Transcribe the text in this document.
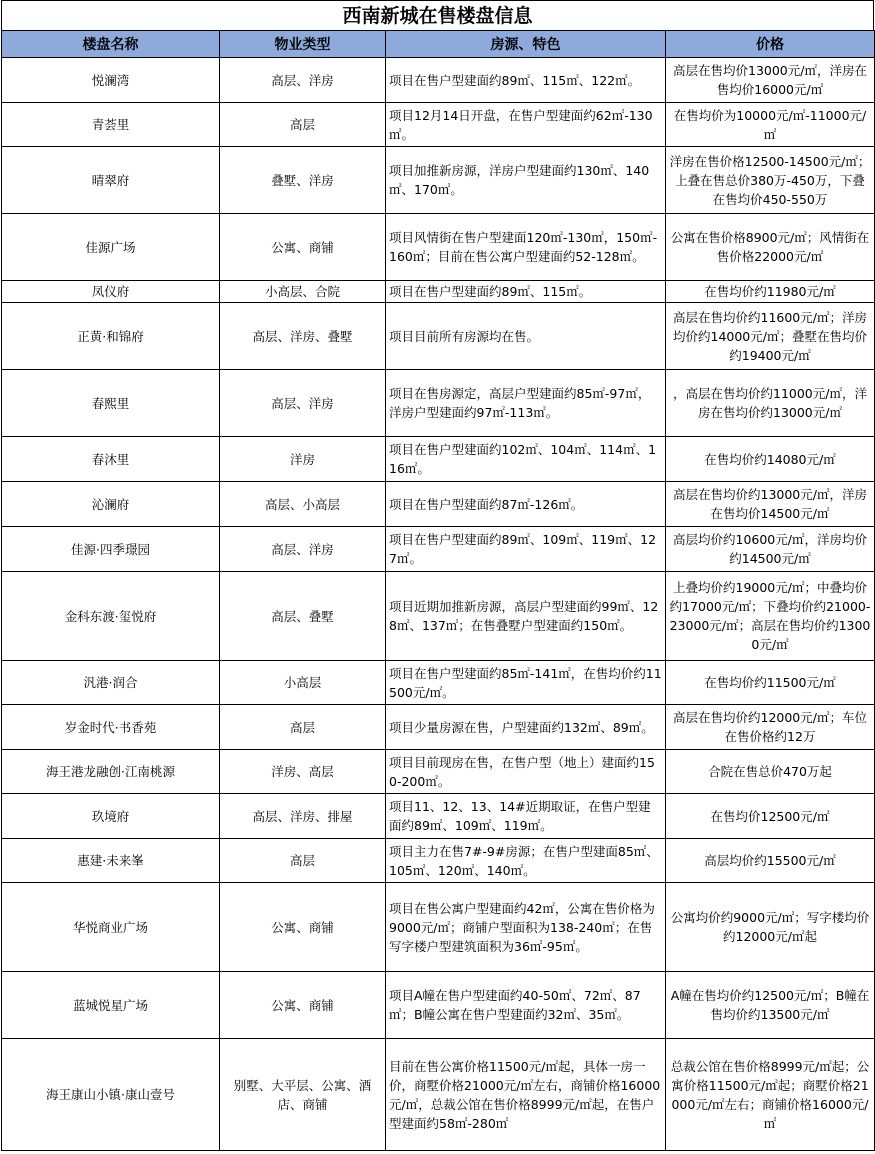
西南新城在售楼盘信息
楼盘名称	物业类型	房源、特色	价格
悦澜湾	高层、洋房	项目在售户型建面约89㎡、115㎡、122㎡。	高层在售均价13000元/㎡，洋房在售均价16000元/㎡
青荟里	高层	项目12月14日开盘，在售户型建面约62㎡-130㎡。	在售均价为10000元/㎡-11000元/㎡
晴翠府	叠墅、洋房	项目加推新房源，洋房户型建面约130㎡、140㎡、170㎡。	洋房在售价格12500-14500元/㎡；上叠在售总价380万-450万，下叠在售均价450-550万
佳源广场	公寓、商铺	项目风情街在售户型建面120㎡-130㎡，150㎡-160㎡；目前在售公寓户型建面约52-128㎡。	公寓在售价格8900元/㎡；风情街在售价格22000元/㎡
凤仪府	小高层、合院	项目在售户型建面约89㎡、115㎡。	在售均价约11980元/㎡
正黄·和锦府	高层、洋房、叠墅	项目目前所有房源均在售。	高层在售均价约11600元/㎡；洋房均价约14000元/㎡；叠墅在售均价约19400元/㎡
春熙里	高层、洋房	项目在售房源定，高层户型建面约85㎡-97㎡，洋房户型建面约97㎡-113㎡。	，高层在售均价约11000元/㎡，洋房在售均价约13000元/㎡
春沐里	洋房	项目在售户型建面约102㎡、104㎡、114㎡、116㎡。	在售均价约14080元/㎡
沁澜府	高层、小高层	项目在售户型建面约87㎡-126㎡。	高层在售均价约13000元/㎡，洋房在售均价14500元/㎡
佳源·四季璟园	高层、洋房	项目在售户型建面约89㎡、109㎡、119㎡、127㎡。	高层均价约10600元/㎡，洋房均价约14500元/㎡
金科东渡·玺悦府	高层、叠墅	项目近期加推新房源，高层户型建面约99㎡、128㎡、137㎡；在售叠墅户型建面约150㎡。	上叠均价约19000元/㎡；中叠均价约17000元/㎡；下叠均价约21000-23000元/㎡；高层在售均价约13000元/㎡
汎港·润合	小高层	项目在售户型建面约85㎡-141㎡，在售均价约11500元/㎡。	在售均价约11500元/㎡
岁金时代·书香苑	高层	项目少量房源在售，户型建面约132㎡、89㎡。	高层在售均价约12000元/㎡；车位在售价格约12万
海王港龙融创·江南桃源	洋房、高层	项目目前现房在售，在售户型（地上）建面约150-200㎡。	合院在售总价470万起
玖境府	高层、洋房、排屋	项目11、12、13、14#近期取证，在售户型建面约89㎡、109㎡、119㎡。	在售均价12500元/㎡
惠建·未来峯	高层	项目主力在售7#-9#房源；在售户型建面85㎡、105㎡、120㎡、140㎡。	高层均价约15500元/㎡
华悦商业广场	公寓、商铺	项目在售公寓户型建面约42㎡，公寓在售价格为9000元/㎡；商铺户型面积为138-240㎡；在售写字楼户型建筑面积为36㎡-95㎡。	公寓均价约9000元/㎡；写字楼均价约12000元/㎡起
蓝城悦星广场	公寓、商铺	项目A幢在售户型建面约40-50㎡、72㎡、87㎡；B幢公寓在售户型建面约32㎡、35㎡。	A幢在售均价约12500元/㎡；B幢在售均价约13500元/㎡
海王康山小镇·康山壹号	别墅、大平层、公寓、酒店、商铺	目前在售公寓价格11500元/㎡起，具体一房一价，商墅价格21000元/㎡左右，商铺价格16000元/㎡，总裁公馆在售价格8999元/㎡起，在售户型建面约58㎡-280㎡	总裁公馆在售价格8999元/㎡起；公寓价格11500元/㎡起；商墅价格21000元/㎡左右；商铺价格16000元/㎡
